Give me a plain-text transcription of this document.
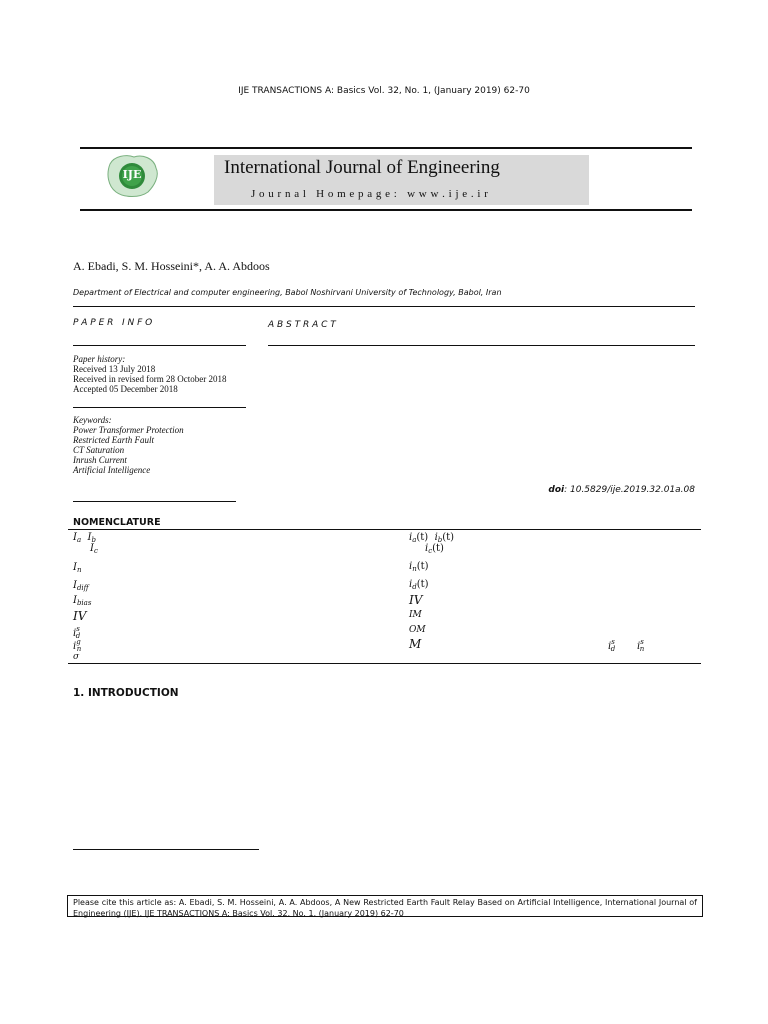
IJE TRANSACTIONS A: Basics Vol. 32, No. 1, (January 2019) 62-70
IJE	International Journal of Engineering
J o u r n a l   H o m e p a g e :   w w w . i j e . i r
A. Ebadi, S. M. Hosseini*, A. A. Abdoos
Department of Electrical and computer engineering, Babol Noshirvani University of Technology, Babol, Iran
P A P E R   I N F O
Paper history:
Received 13 July 2018
Received in revised form 28 October 2018
Accepted 05 December 2018
Keywords:
Power Transformer Protection
Restricted Earth Fault
CT Saturation
Inrush Current
Artificial Intelligence
A B S T R A C T
doi: 10.5829/ije.2019.32.01a.08
NOMENCLATURE
$I_a$ $I_b$
$I_c$
$I_n$
$I_{diff}$
$I_{bias}$
IV
$i^s_d$
$i^g_n$
σ
$i_a(t)$ $i_b(t)$
$i_c(t)$
$i_n(t)$
$i_d(t)$
IV
IM
OM
M	$i^s_d$ $i^s_n$
1. INTRODUCTION
Please cite this article as: A. Ebadi, S. M. Hosseini, A. A. Abdoos, A New Restricted Earth Fault Relay Based on Artificial Intelligence, International Journal of Engineering (IJE), IJE TRANSACTIONS A: Basics Vol. 32, No. 1, (January 2019) 62-70
